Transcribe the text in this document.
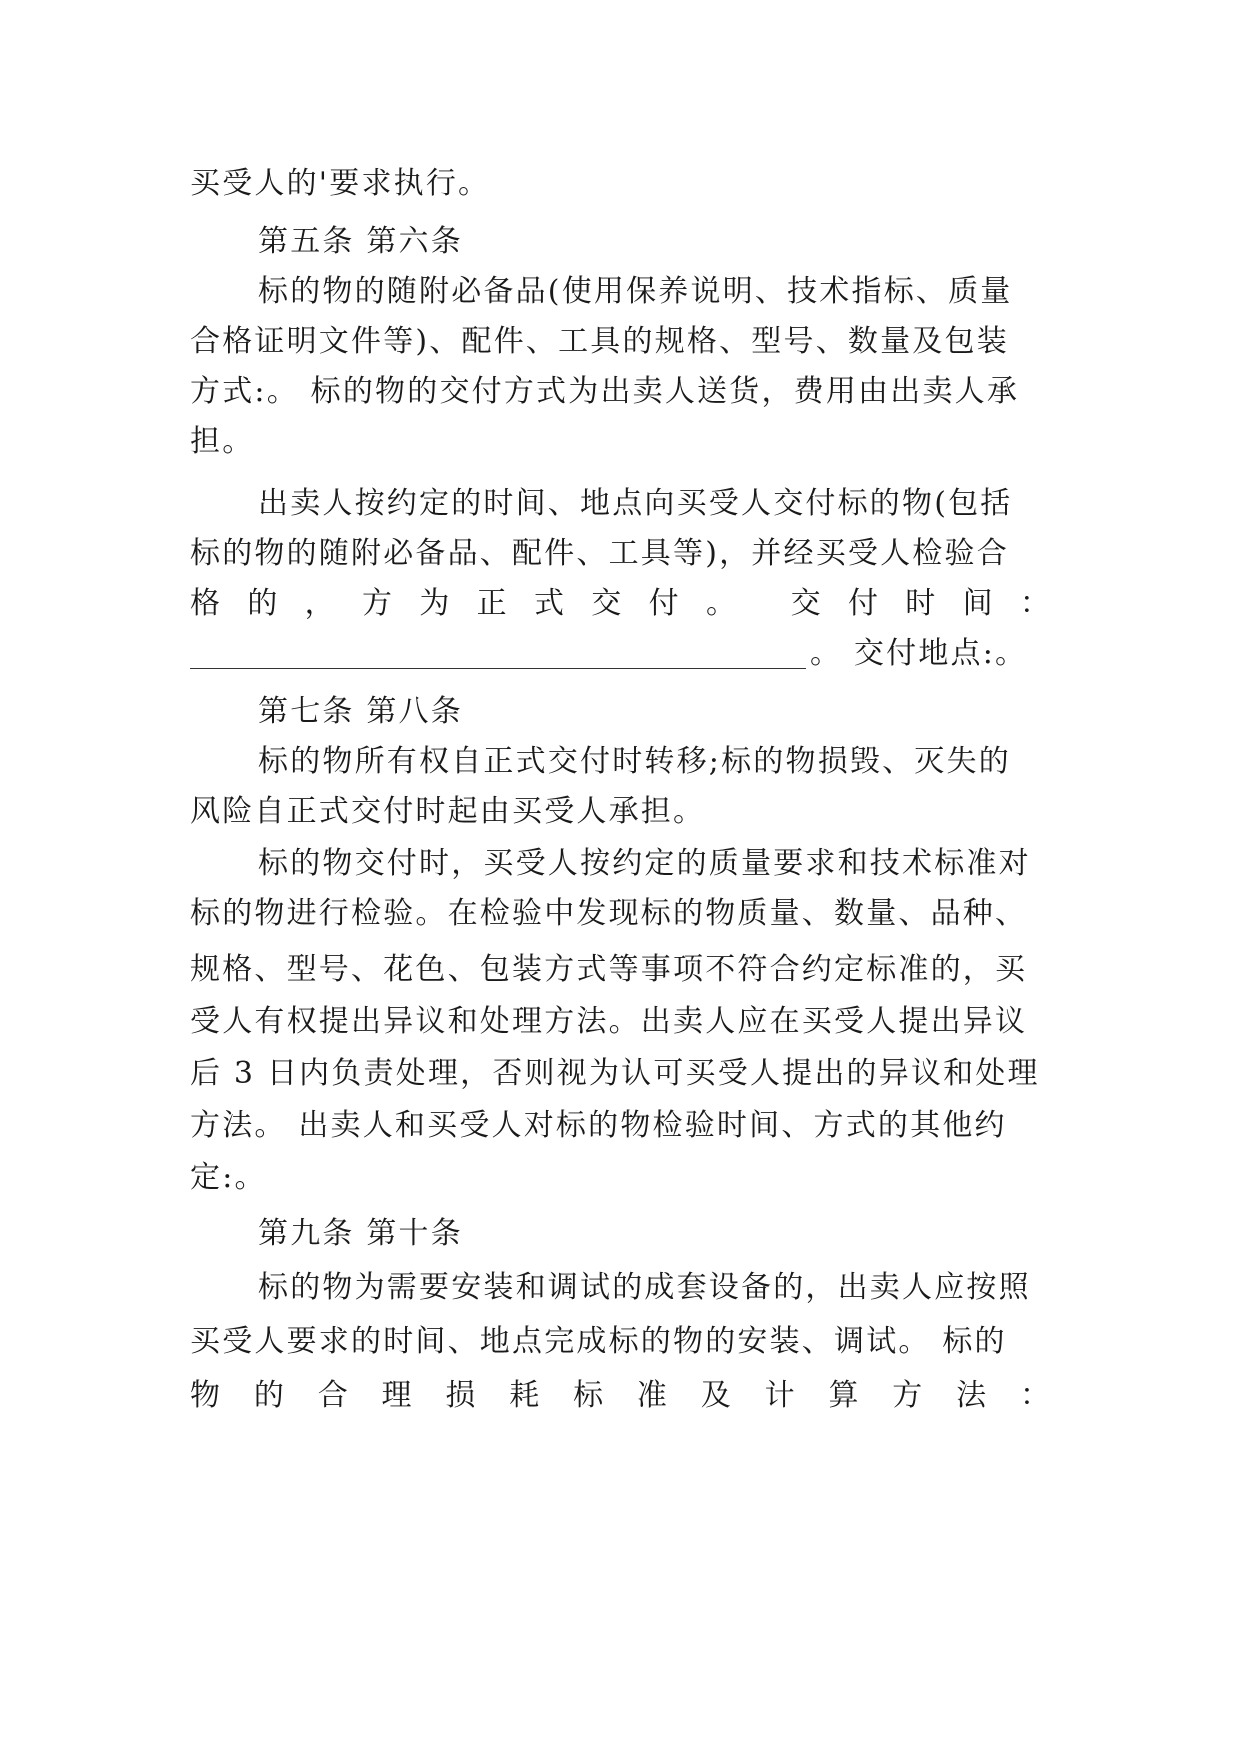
买受人的'要求执行。
第五条 第六条
标的物的随附必备品(使用保养说明、技术指标、质量
合格证明文件等)、配件、工具的规格、型号、数量及包装
方式:。 标的物的交付方式为出卖人送货，费用由出卖人承
担。
出卖人按约定的时间、地点向买受人交付标的物(包括
标的物的随附必备品、配件、工具等)，并经买受人检验合
格 的 ， 方 为 正 式 交 付 。 交 付 时 间 ：
。 交付地点:。
第七条 第八条
标的物所有权自正式交付时转移;标的物损毁、灭失的
风险自正式交付时起由买受人承担。
标的物交付时，买受人按约定的质量要求和技术标准对
标的物进行检验。在检验中发现标的物质量、数量、品种、
规格、型号、花色、包装方式等事项不符合约定标准的，买
受人有权提出异议和处理方法。出卖人应在买受人提出异议
后 3 日内负责处理，否则视为认可买受人提出的异议和处理
方法。 出卖人和买受人对标的物检验时间、方式的其他约
定:。
第九条 第十条
标的物为需要安装和调试的成套设备的，出卖人应按照
买受人要求的时间、地点完成标的物的安装、调试。 标的
物 的 合 理 损 耗 标 准 及 计 算 方 法 ：
